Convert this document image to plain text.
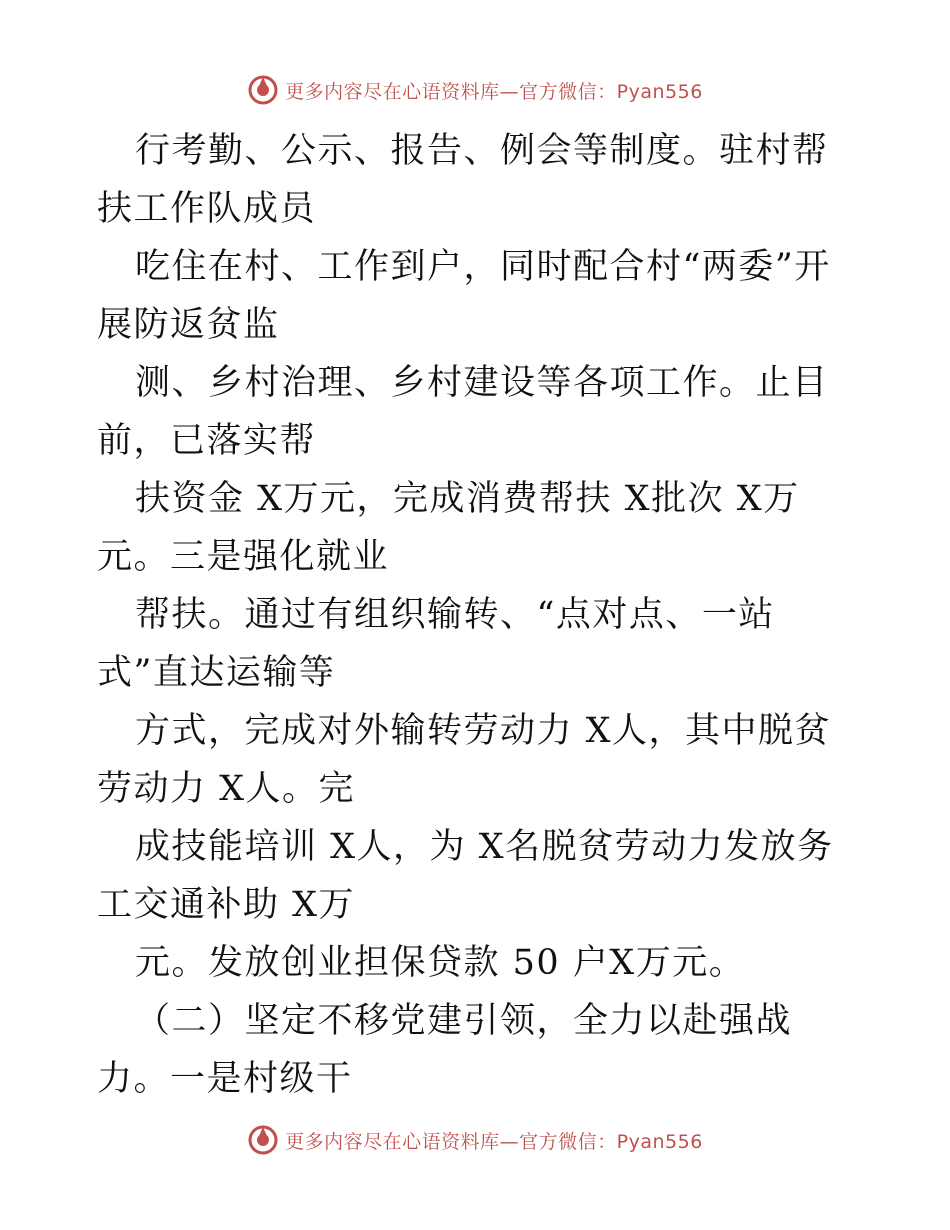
更多内容尽在心语资料库—官方微信：Pyan556

行考勤、公示、报告、例会等制度。驻村帮扶工作队成员

吃住在村、工作到户，同时配合村“两委”开展防返贫监

测、乡村治理、乡村建设等各项工作。止目前，已落实帮

扶资金 X万元，完成消费帮扶 X批次 X万元。三是强化就业

帮扶。通过有组织输转、“点对点、一站式”直达运输等

方式，完成对外输转劳动力 X人，其中脱贫劳动力 X人。完

成技能培训 X人，为 X名脱贫劳动力发放务工交通补助 X万

元。发放创业担保贷款 50 户X万元。

（二）坚定不移党建引领，全力以赴强战力。一是村级干

更多内容尽在心语资料库—官方微信：Pyan556
